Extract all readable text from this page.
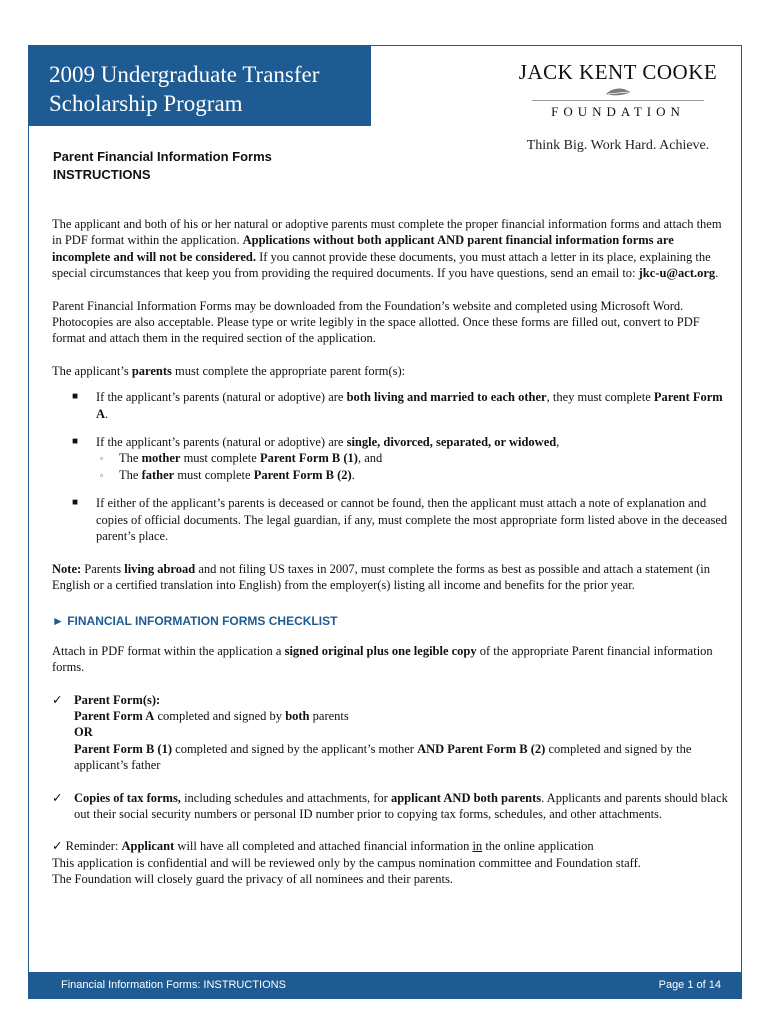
2009 Undergraduate Transfer
Scholarship Program
JACK KENT COOKE
FOUNDATION
Think Big. Work Hard. Achieve.
Parent Financial Information Forms
INSTRUCTIONS

The applicant and both of his or her natural or adoptive parents must complete the proper financial information forms and attach them in PDF format within the application. Applications without both applicant AND parent financial information forms are incomplete and will not be considered. If you cannot provide these documents, you must attach a letter in its place, explaining the special circumstances that keep you from providing the required documents. If you have questions, send an email to: jkc-u@act.org.

Parent Financial Information Forms may be downloaded from the Foundation’s website and completed using Microsoft Word. Photocopies are also acceptable. Please type or write legibly in the space allotted. Once these forms are filled out, convert to PDF format and attach them in the required section of the application.

The applicant’s parents must complete the appropriate parent form(s):

■ If the applicant’s parents (natural or adoptive) are both living and married to each other, they must complete Parent Form A.
■ If the applicant’s parents (natural or adoptive) are single, divorced, separated, or widowed,
▫ The mother must complete Parent Form B (1), and
▫ The father must complete Parent Form B (2).
■ If either of the applicant’s parents is deceased or cannot be found, then the applicant must attach a note of explanation and copies of official documents. The legal guardian, if any, must complete the most appropriate form listed above in the deceased parent’s place.

Note: Parents living abroad and not filing US taxes in 2007, must complete the forms as best as possible and attach a statement (in English or a certified translation into English) from the employer(s) listing all income and benefits for the prior year.

► FINANCIAL INFORMATION FORMS CHECKLIST

Attach in PDF format within the application a signed original plus one legible copy of the appropriate Parent financial information forms.

✓ Parent Form(s):
Parent Form A completed and signed by both parents
OR
Parent Form B (1) completed and signed by the applicant’s mother AND Parent Form B (2) completed and signed by the applicant’s father
✓ Copies of tax forms, including schedules and attachments, for applicant AND both parents. Applicants and parents should black out their social security numbers or personal ID number prior to copying tax forms, schedules, and other attachments.
✓ Reminder: Applicant will have all completed and attached financial information in the online application
This application is confidential and will be reviewed only by the campus nomination committee and Foundation staff.
The Foundation will closely guard the privacy of all nominees and their parents.
Financial Information Forms: INSTRUCTIONS	Page 1 of 14
